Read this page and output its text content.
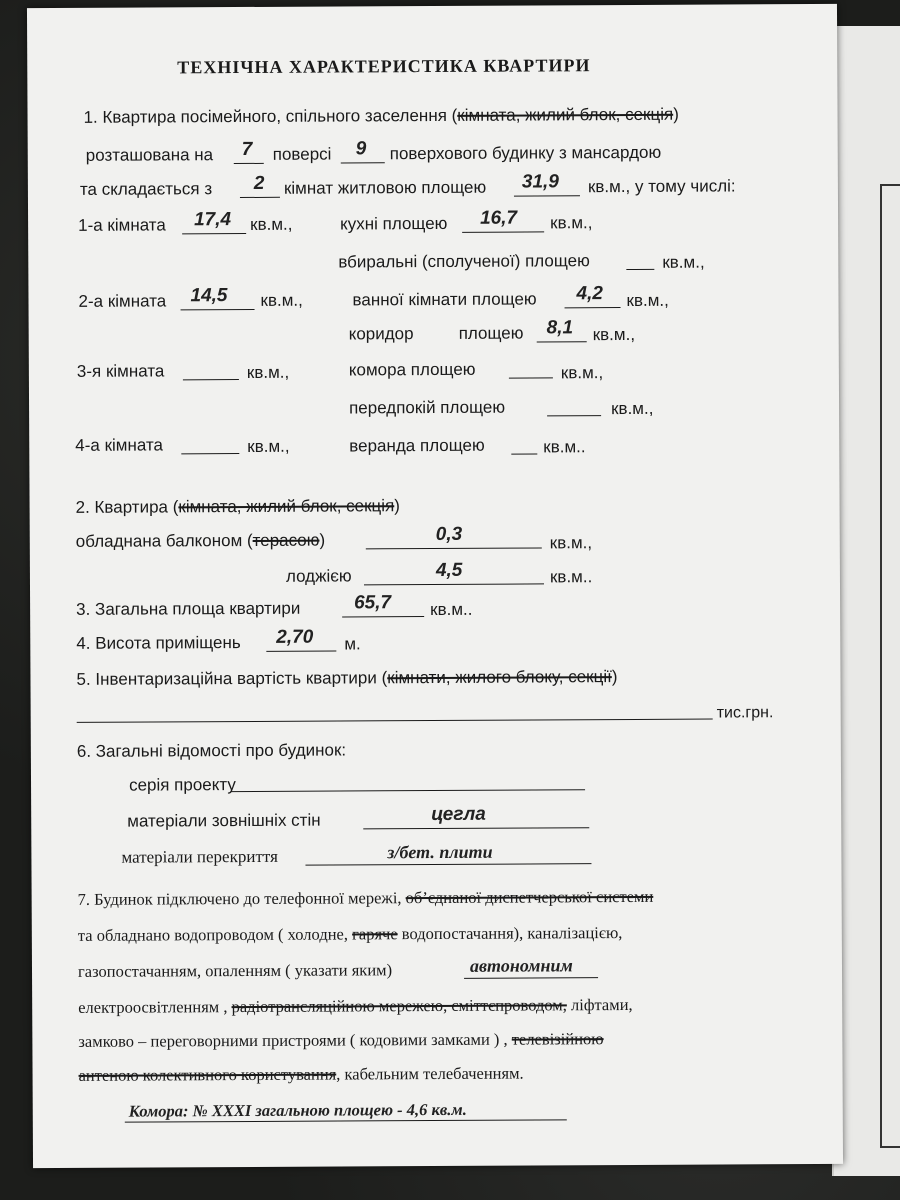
ТЕХНІЧНА ХАРАКТЕРИСТИКА КВАРТИРИ
1. Квартира посімейного, спільного заселення (кімната, жилий блок, секція)
розташована на 7 поверсі 9 поверхового будинку з мансардою
та складається з 2 кімнат житловою площею 31,9 кв.м., у тому числі:
1-а кімната 17,4 кв.м.,	кухні площею 16,7 кв.м.,
вбиральні (сполученої) площею	кв.м.,
2-а кімната 14,5 кв.м.,	ванної кімнати площею 4,2 кв.м.,
коридор	площею 8,1 кв.м.,
3-я кімната	кв.м.,	комора площею	кв.м.,
передпокій площею	кв.м.,
4-а кімната	кв.м.,	веранда площею	кв.м..
2. Квартира (кімната, жилий блок, секція)
обладнана балконом (терасою)	0,3	кв.м.,
лоджією	4,5	кв.м..
3. Загальна площа квартири	65,7 кв.м..
4. Висота приміщень 2,70 м.
5. Інвентаризаційна вартість квартири (кімнати, жилого блоку, секції)
тис.грн.
6. Загальні відомості про будинок:
серія проекту
матеріали зовнішніх стін	цегла
матеріали перекриття	з/бет. плити
7. Будинок підключено до телефонної мережі, об’єднаної диспетчерської системи
та обладнано водопроводом ( холодне, гаряче водопостачання), каналізацією,
газопостачанням, опаленням ( указати яким)	автономним
електроосвітленням , радіотрансляційною мережею, сміттєпроводом, ліфтами,
замково – переговорними пристроями ( кодовими замками ) , телевізійною
антеною колективного користування, кабельним телебаченням.
Комора: № XXXI загальною площею - 4,6 кв.м.
